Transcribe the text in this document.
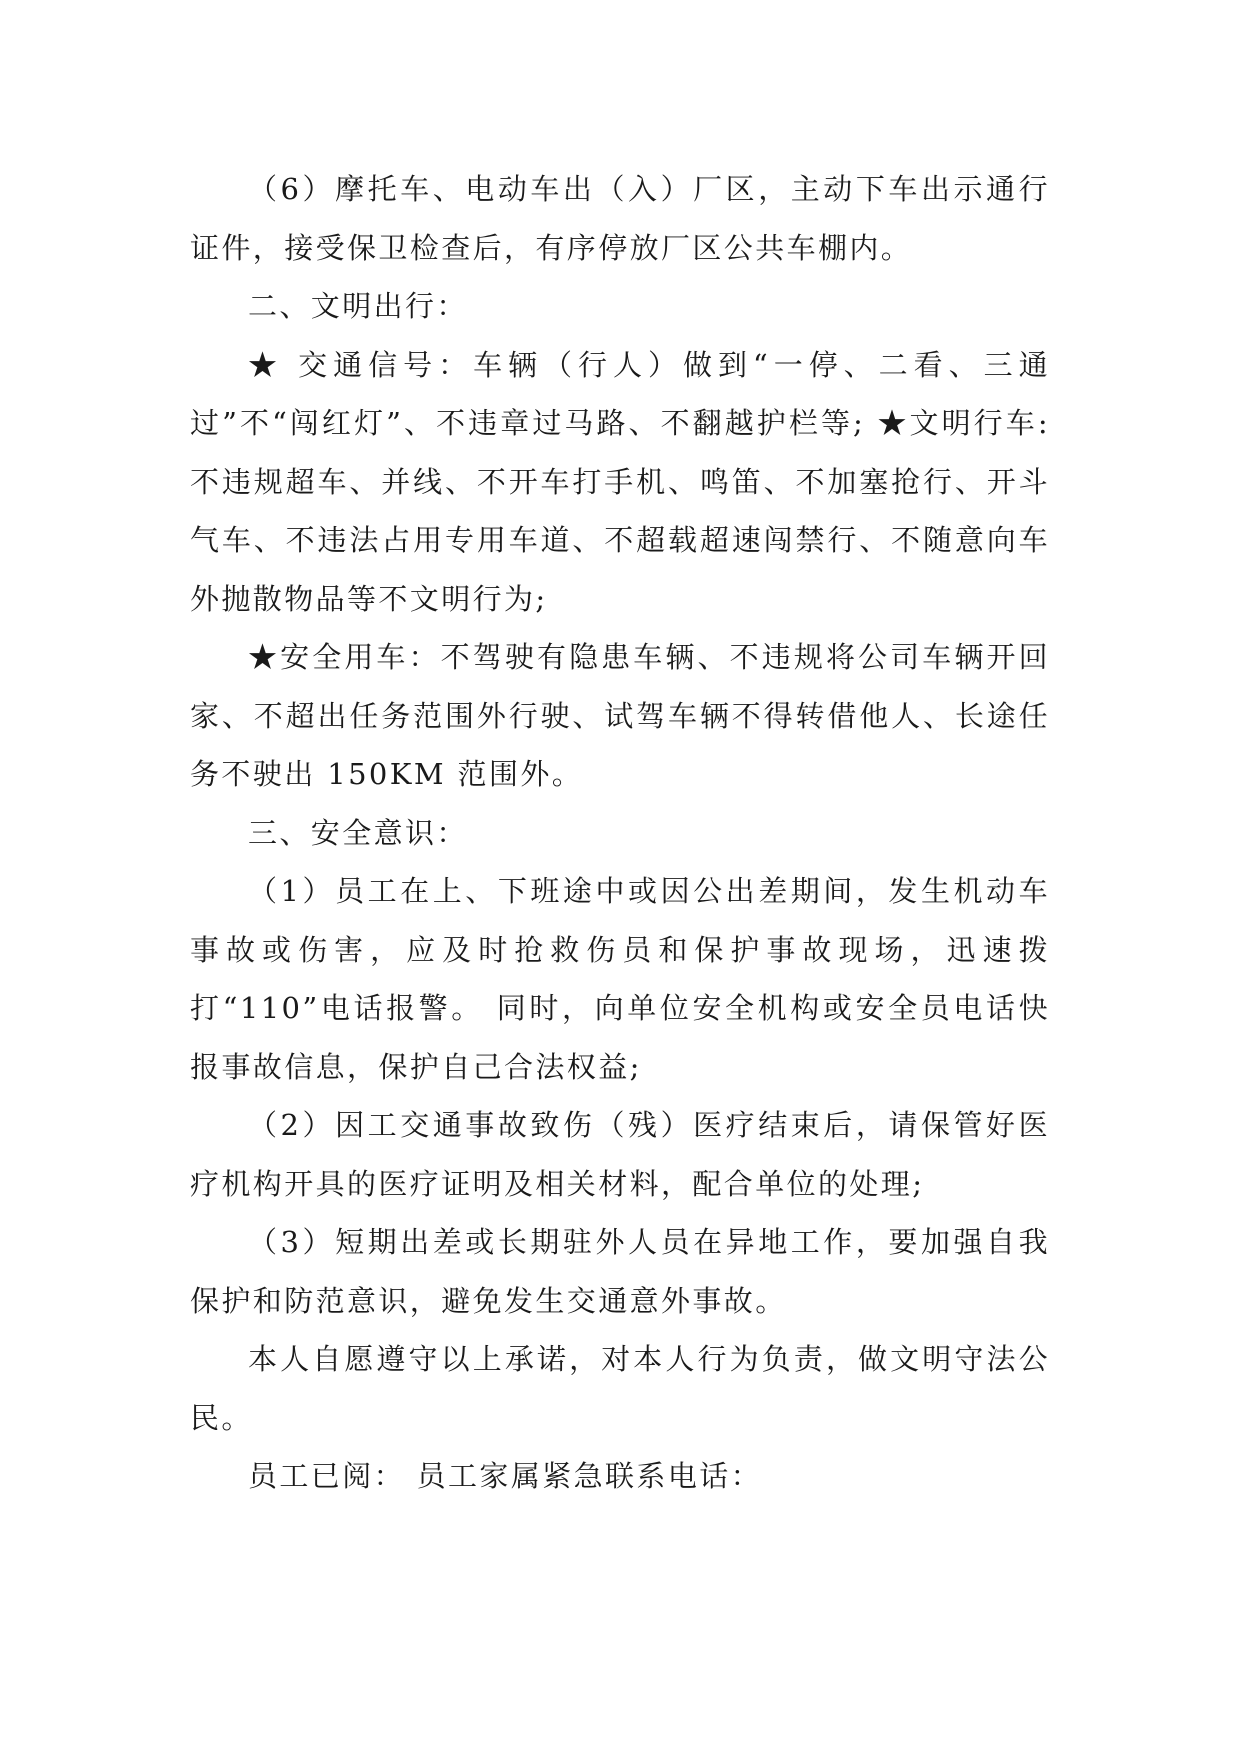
（6）摩托车、电动车出（入）厂区，主动下车出示通行证件，接受保卫检查后，有序停放厂区公共车棚内。

二、文明出行：

★ 交通信号：车辆（行人）做到“一停、二看、三通过”不“闯红灯”、不违章过马路、不翻越护栏等; ★文明行车: 不违规超车、并线、不开车打手机、鸣笛、不加塞抢行、开斗气车、不违法占用专用车道、不超载超速闯禁行、不随意向车外抛散物品等不文明行为;

★安全用车：不驾驶有隐患车辆、不违规将公司车辆开回家、不超出任务范围外行驶、试驾车辆不得转借他人、长途任务不驶出 150KM 范围外。

三、安全意识：

（1）员工在上、下班途中或因公出差期间，发生机动车事故或伤害，应及时抢救伤员和保护事故现场，迅速拨打“110”电话报警。 同时，向单位安全机构或安全员电话快报事故信息，保护自己合法权益;

（2）因工交通事故致伤（残）医疗结束后，请保管好医疗机构开具的医疗证明及相关材料，配合单位的处理;

（3）短期出差或长期驻外人员在异地工作，要加强自我保护和防范意识，避免发生交通意外事故。

本人自愿遵守以上承诺，对本人行为负责，做文明守法公民。

员工已阅： 员工家属紧急联系电话：
